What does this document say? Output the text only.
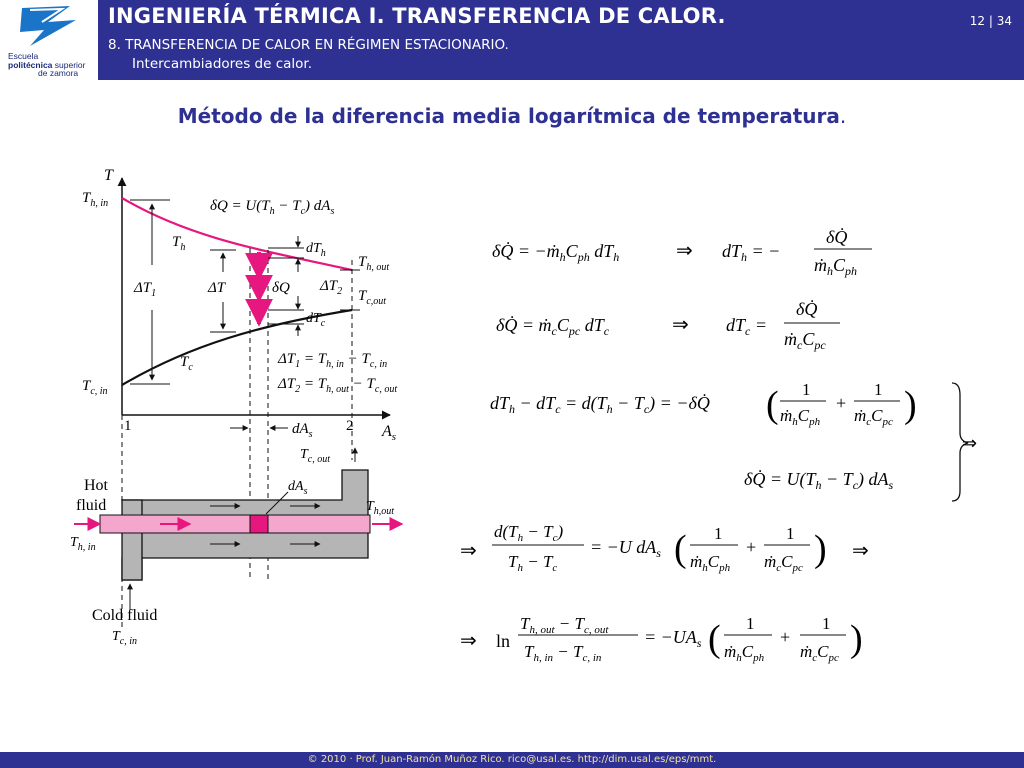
Escuela
politécnica superior
de zamora
INGENIERÍA TÉRMICA I. TRANSFERENCIA DE CALOR.
8. TRANSFERENCIA DE CALOR EN RÉGIMEN ESTACIONARIO.
Intercambiadores de calor.
12 | 34
Método de la diferencia media logarítmica de temperatura.
T
$A_s$
$\Delta T_1$	ΔT	δQ
$dT_h$
$dT_c$
$\Delta T_2$
$T_{h, in}$
$T_h$
$T_c$
$T_{c, in}$
$T_{h, out}$
$T_{c,out}$
$\delta Q = U(T_h - T_c)$ $dA_s$
$\Delta T_1 = T_{h, in} - T_{c, in}$
$\Delta T_2 = T_{h, out} - T_{c, out}$
1	2
$dA_s$
$T_{c, out}$
$dA_s$
Hot
fluid	$T_{h,out}$
$T_{h, in}$
Cold fluid
$T_{c, in}$
δQ̇ = $-ṁ_hC_{ph}$ $dT_h$	⇒ $dT_h$ = −
δQ̇
$ṁ_hC_{ph}$
δQ̇ = $ṁ_cC_{pc}$ $dT_c$	⇒ $dT_c$ =
δQ̇
$ṁ_cC_{pc}$
$dT_h - dT_c = d(T_h - T_c)$ = −δQ̇ ( 1
$ṁ_hC_{ph}$
+
1
$ṁ_cC_{pc}$ )
δQ̇ = $U(T_h - T_c)$ $dA_s$
⇒
⇒
$d(T_h - T_c)$
$T_h - T_c$
= −U $dA_s$ ( 1
$ṁ_hC_{ph}$
+
1
$ṁ_cC_{pc}$ ) ⇒
⇒ ln
$T_{h, out} - T_{c, out}$
$T_{h, in} - T_{c, in}$
= $-UA_s$ ( 1
$ṁ_hC_{ph}$
+
1
$ṁ_cC_{pc}$ )
© 2010 · Prof. Juan-Ramón Muñoz Rico. rico@usal.es. http://dim.usal.es/eps/mmt.
